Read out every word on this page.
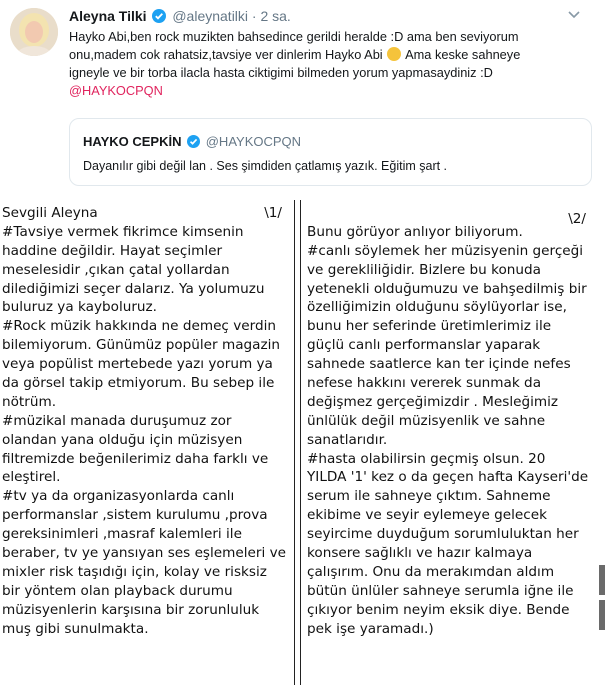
Aleyna Tilki @aleynatilki · 2 sa.
Hayko Abi,ben rock muzikten bahsedince gerildi heralde :D ama ben seviyorum
onu,madem cok rahatsiz,tavsiye ver dinlerim Hayko Abi Ama keske sahneye
igneyle ve bir torba ilacla hasta ciktigimi bilmeden yorum yapmasaydiniz :D
@HAYKOCPQN
HAYKO CEPKİN @HAYKOCPQN
Dayanılır gibi değil lan . Ses şimdiden çatlamış yazık. Eğitim şart .
\1/
Sevgili Aleyna
#Tavsiye vermek fikrimce kimsenin
haddine değildir. Hayat seçimler
meselesidir ,çıkan çatal yollardan
dilediğimizi seçer dalarız. Ya yolumuzu
buluruz ya kayboluruz.
#Rock müzik hakkında ne demeç verdin
bilemiyorum. Günümüz popüler magazin
veya popülist mertebede yazı yorum ya
da görsel takip etmiyorum. Bu sebep ile
nötrüm.
#müzikal manada duruşumuz zor
olandan yana olduğu için müzisyen
filtremizde beğenilerimiz daha farklı ve
eleştirel.
#tv ya da organizasyonlarda canlı
performanslar ,sistem kurulumu ,prova
gereksinimleri ,masraf kalemleri ile
beraber, tv ye yansıyan ses eşlemeleri ve
mixler risk taşıdığı için, kolay ve risksiz
bir yöntem olan playback durumu
müzisyenlerin karşısına bir zorunluluk
muş gibi sunulmakta.
\2/
Bunu görüyor anlıyor biliyorum.
#canlı söylemek her müzisyenin gerçeği
ve gerekliliğidir. Bizlere bu konuda
yetenekli olduğumuzu ve bahşedilmiş bir
özelliğimizin olduğunu söylüyorlar ise,
bunu her seferinde üretimlerimiz ile
güçlü canlı performanslar yaparak
sahnede saatlerce kan ter içinde nefes
nefese hakkını vererek sunmak da
değişmez gerçeğimizdir . Mesleğimiz
ünlülük değil müzisyenlik ve sahne
sanatlarıdır.
#hasta olabilirsin geçmiş olsun. 20
YILDA '1' kez o da geçen hafta Kayseri'de
serum ile sahneye çıktım. Sahneme
ekibime ve seyir eylemeye gelecek
seyircime duyduğum sorumluluktan her
konsere sağlıklı ve hazır kalmaya
çalışırım. Onu da merakımdan aldım
bütün ünlüler sahneye serumla iğne ile
çıkıyor benim neyim eksik diye. Bende
pek işe yaramadı.)
